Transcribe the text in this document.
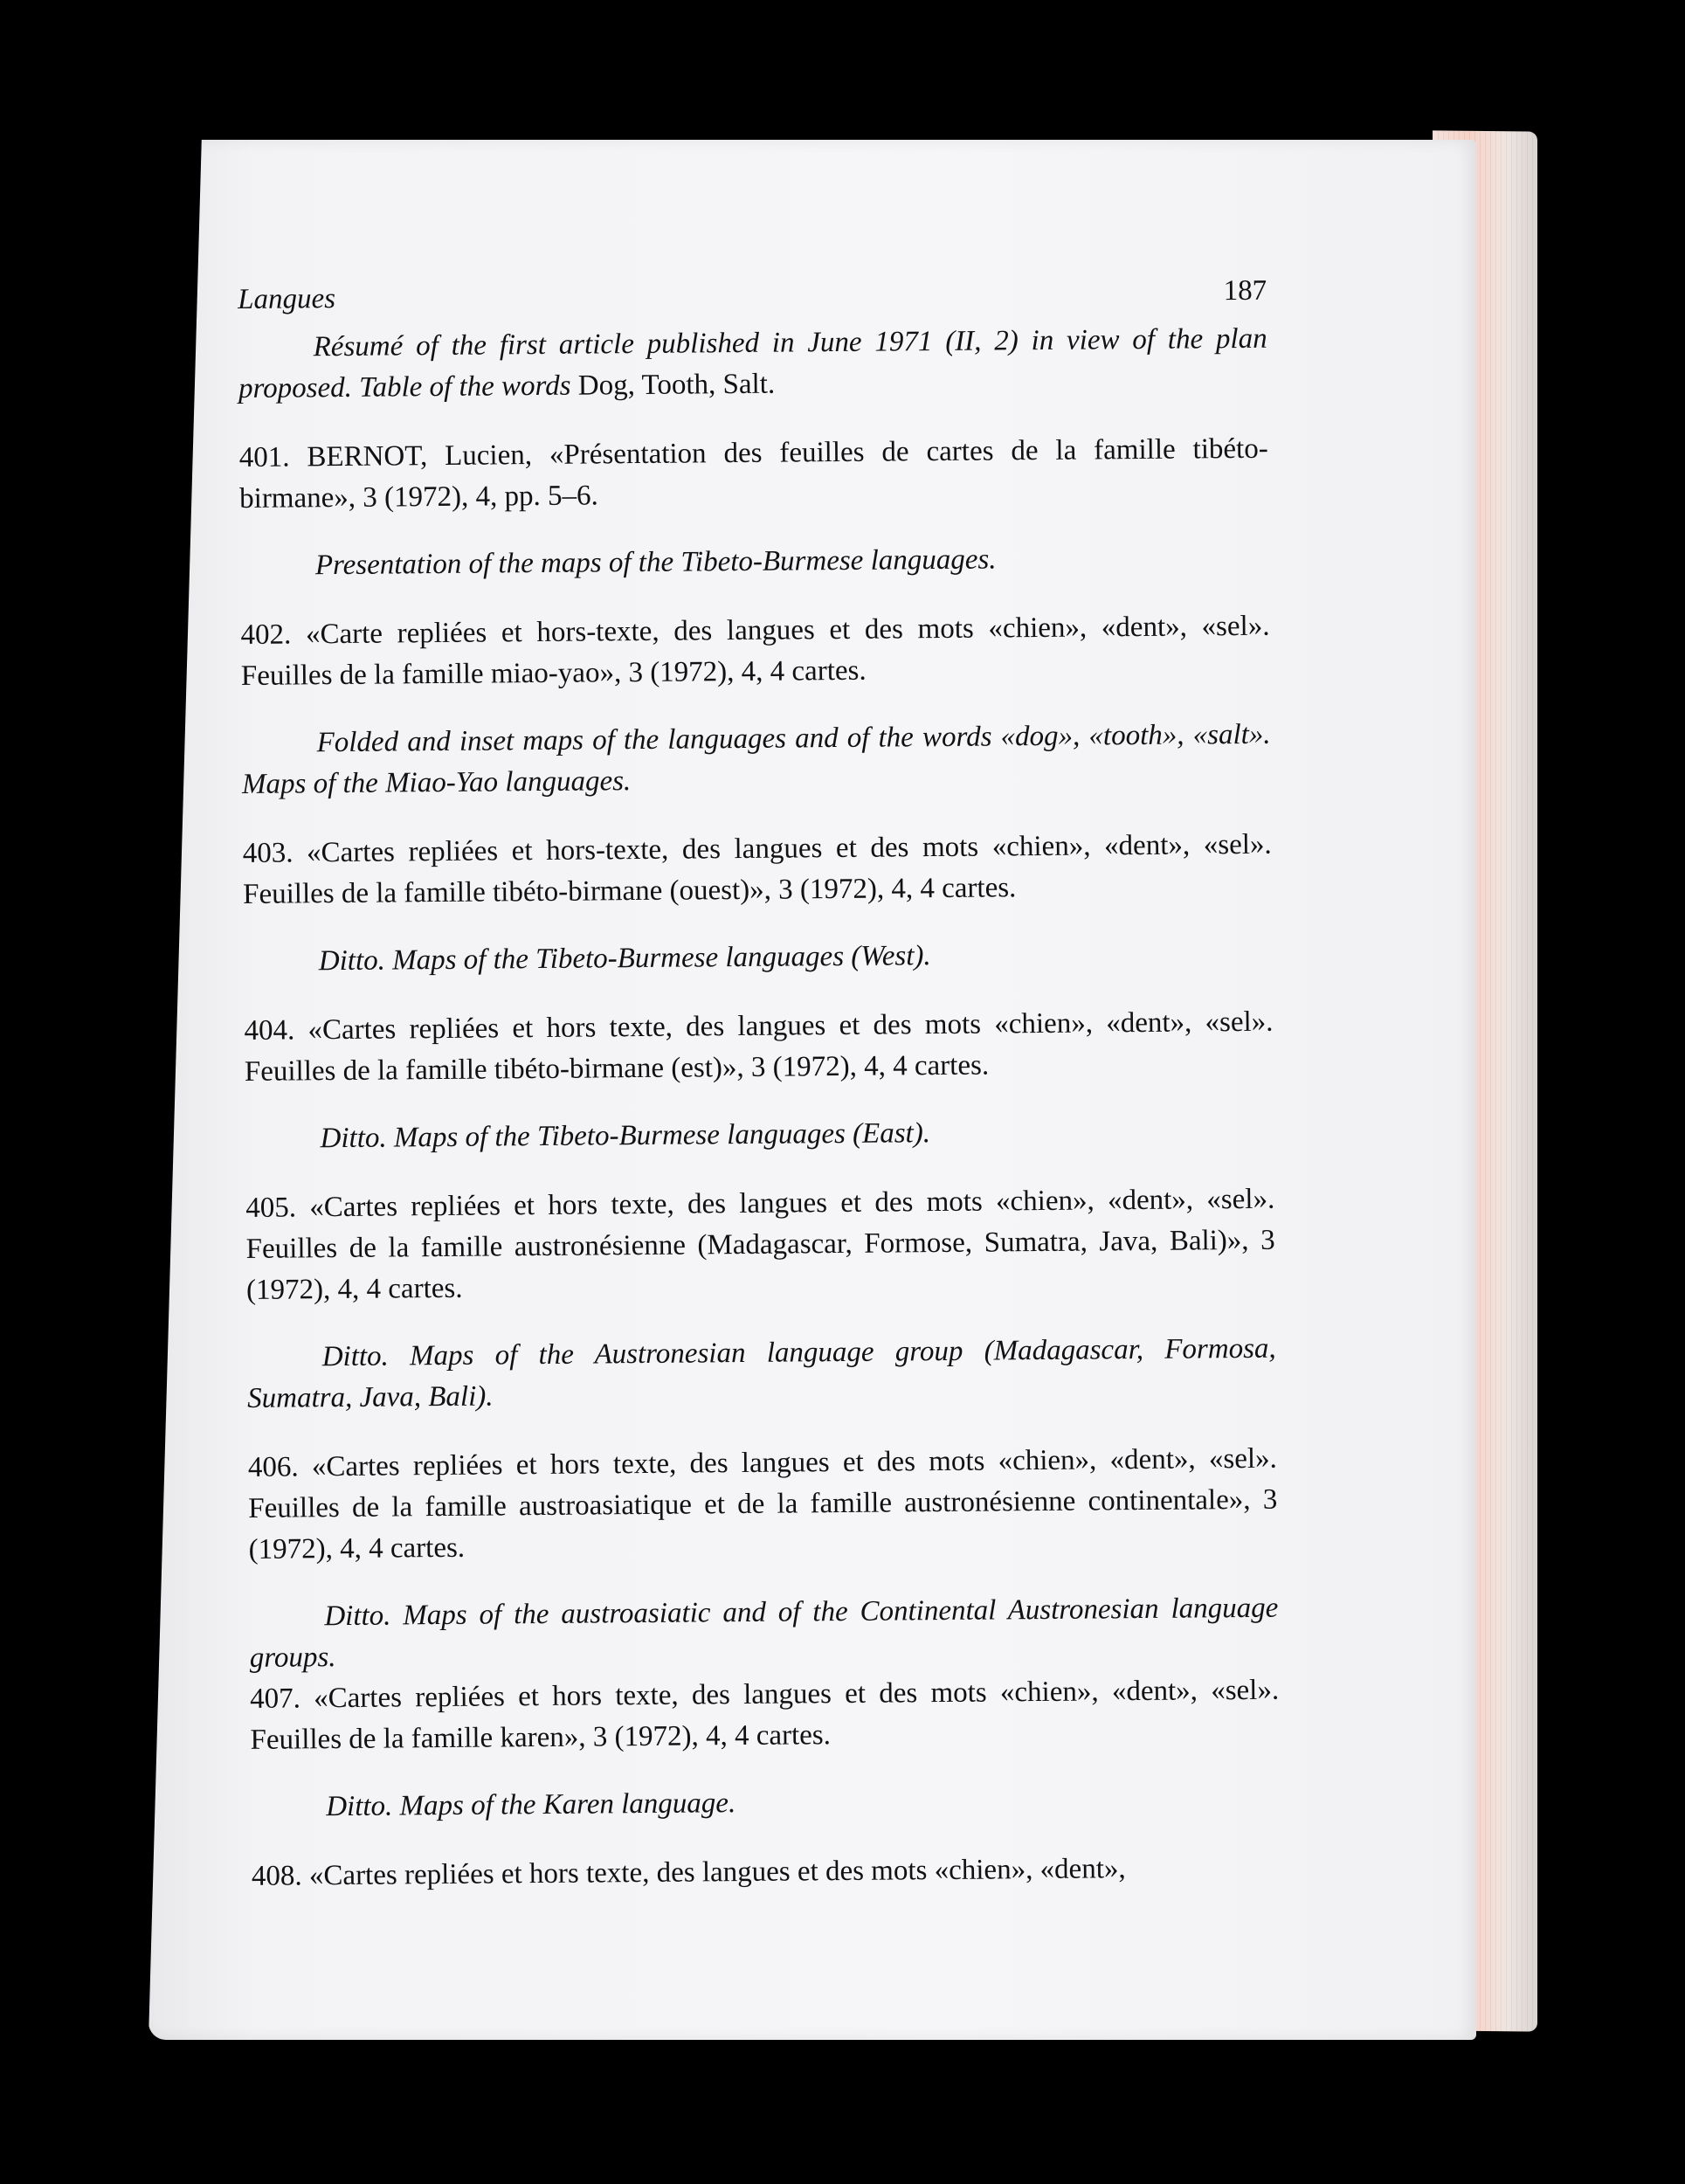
Langues	187

Résumé of the first article published in June 1971 (II, 2) in view of the plan proposed. Table of the words Dog, Tooth, Salt.

401. BERNOT, Lucien, «Présentation des feuilles de cartes de la famille tibéto-birmane», 3 (1972), 4, pp. 5–6.

Presentation of the maps of the Tibeto-Burmese languages.

402. «Carte repliées et hors-texte, des langues et des mots «chien», «dent», «sel». Feuilles de la famille miao-yao», 3 (1972), 4, 4 cartes.

Folded and inset maps of the languages and of the words «dog», «tooth», «salt». Maps of the Miao-Yao languages.

403. «Cartes repliées et hors-texte, des langues et des mots «chien», «dent», «sel». Feuilles de la famille tibéto-birmane (ouest)», 3 (1972), 4, 4 cartes.

Ditto. Maps of the Tibeto-Burmese languages (West).

404. «Cartes repliées et hors texte, des langues et des mots «chien», «dent», «sel». Feuilles de la famille tibéto-birmane (est)», 3 (1972), 4, 4 cartes.

Ditto. Maps of the Tibeto-Burmese languages (East).

405. «Cartes repliées et hors texte, des langues et des mots «chien», «dent», «sel». Feuilles de la famille austronésienne (Madagascar, Formose, Sumatra, Java, Bali)», 3 (1972), 4, 4 cartes.

Ditto. Maps of the Austronesian language group (Madagascar, Formosa, Sumatra, Java, Bali).

406. «Cartes repliées et hors texte, des langues et des mots «chien», «dent», «sel». Feuilles de la famille austroasiatique et de la famille austronésienne continentale», 3 (1972), 4, 4 cartes.

Ditto. Maps of the austroasiatic and of the Continental Austronesian language groups.

407. «Cartes repliées et hors texte, des langues et des mots «chien», «dent», «sel». Feuilles de la famille karen», 3 (1972), 4, 4 cartes.

Ditto. Maps of the Karen language.

408. «Cartes repliées et hors texte, des langues et des mots «chien», «dent»,
